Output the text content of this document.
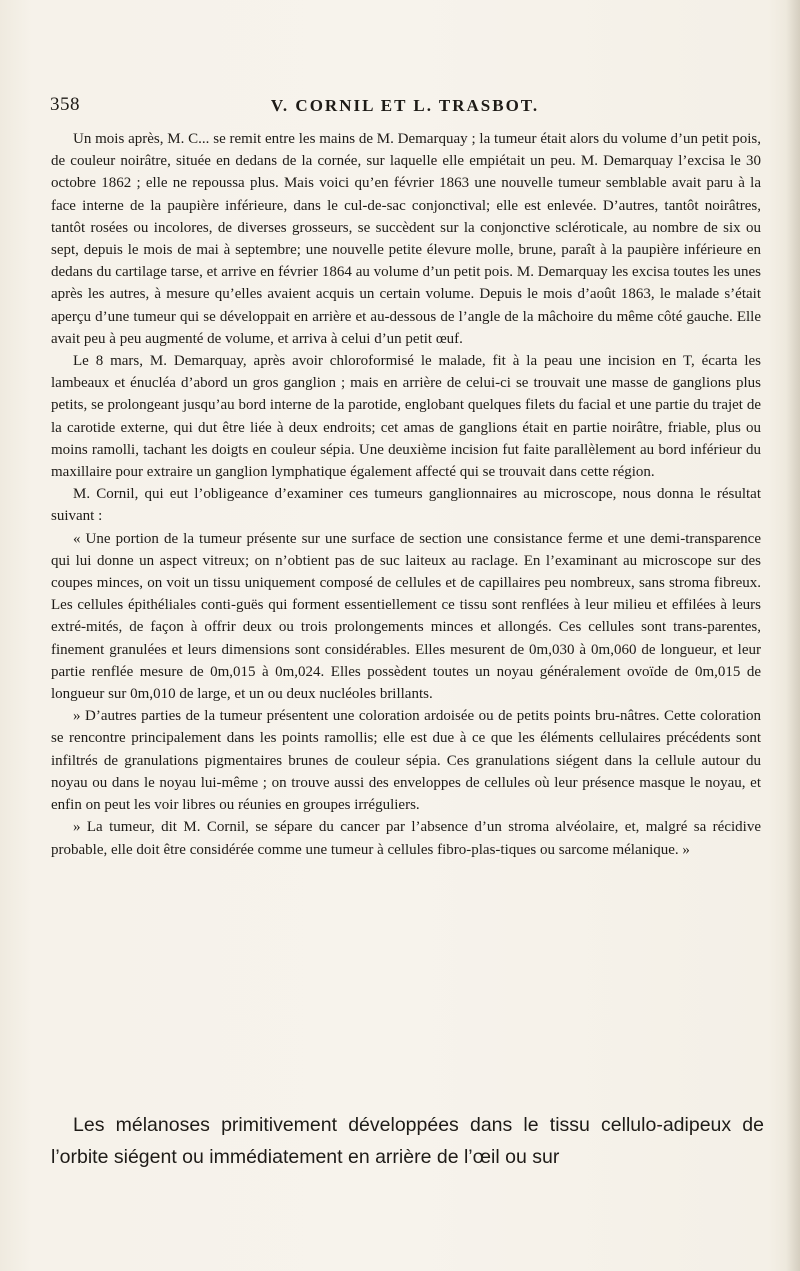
358	V. CORNIL ET L. TRASBOT.

Un mois après, M. C... se remit entre les mains de M. Demarquay ; la tumeur était alors du volume d’un petit pois, de couleur noirâtre, située en dedans de la cornée, sur laquelle elle empiétait un peu. M. Demarquay l’excisa le 30 octobre 1862 ; elle ne repoussa plus. Mais voici qu’en février 1863 une nouvelle tumeur semblable avait paru à la face interne de la paupière inférieure, dans le cul-de-sac conjonctival; elle est enlevée. D’autres, tantôt noirâtres, tantôt rosées ou incolores, de diverses grosseurs, se succèdent sur la conjonctive scléroticale, au nombre de six ou sept, depuis le mois de mai à septembre; une nouvelle petite élevure molle, brune, paraît à la paupière inférieure en dedans du cartilage tarse, et arrive en février 1864 au volume d’un petit pois. M. Demarquay les excisa toutes les unes après les autres, à mesure qu’elles avaient acquis un certain volume. Depuis le mois d’août 1863, le malade s’était aperçu d’une tumeur qui se développait en arrière et au-dessous de l’angle de la mâchoire du même côté gauche. Elle avait peu à peu augmenté de volume, et arriva à celui d’un petit œuf.

Le 8 mars, M. Demarquay, après avoir chloroformisé le malade, fit à la peau une incision en T, écarta les lambeaux et énucléa d’abord un gros ganglion ; mais en arrière de celui-ci se trouvait une masse de ganglions plus petits, se prolongeant jusqu’au bord interne de la parotide, englobant quelques filets du facial et une partie du trajet de la carotide externe, qui dut être liée à deux endroits; cet amas de ganglions était en partie noirâtre, friable, plus ou moins ramolli, tachant les doigts en couleur sépia. Une deuxième incision fut faite parallèlement au bord inférieur du maxillaire pour extraire un ganglion lymphatique également affecté qui se trouvait dans cette région.

M. Cornil, qui eut l’obligeance d’examiner ces tumeurs ganglionnaires au microscope, nous donna le résultat suivant :

« Une portion de la tumeur présente sur une surface de section une consistance ferme et une demi-transparence qui lui donne un aspect vitreux; on n’obtient pas de suc laiteux au raclage. En l’examinant au microscope sur des coupes minces, on voit un tissu uniquement composé de cellules et de capillaires peu nombreux, sans stroma fibreux. Les cellules épithéliales conti-guës qui forment essentiellement ce tissu sont renflées à leur milieu et effilées à leurs extré-mités, de façon à offrir deux ou trois prolongements minces et allongés. Ces cellules sont trans-parentes, finement granulées et leurs dimensions sont considérables. Elles mesurent de 0m,030 à 0m,060 de longueur, et leur partie renflée mesure de 0m,015 à 0m,024. Elles possèdent toutes un noyau généralement ovoïde de 0m,015 de longueur sur 0m,010 de large, et un ou deux nucléoles brillants.

» D’autres parties de la tumeur présentent une coloration ardoisée ou de petits points bru-nâtres. Cette coloration se rencontre principalement dans les points ramollis; elle est due à ce que les éléments cellulaires précédents sont infiltrés de granulations pigmentaires brunes de couleur sépia. Ces granulations siégent dans la cellule autour du noyau ou dans le noyau lui-même ; on trouve aussi des enveloppes de cellules où leur présence masque le noyau, et enfin on peut les voir libres ou réunies en groupes irréguliers.

» La tumeur, dit M. Cornil, se sépare du cancer par l’absence d’un stroma alvéolaire, et, malgré sa récidive probable, elle doit être considérée comme une tumeur à cellules fibro-plas-tiques ou sarcome mélanique. »

Les mélanoses primitivement développées dans le tissu cellulo-adipeux de l’orbite siégent ou immédiatement en arrière de l’œil ou sur
